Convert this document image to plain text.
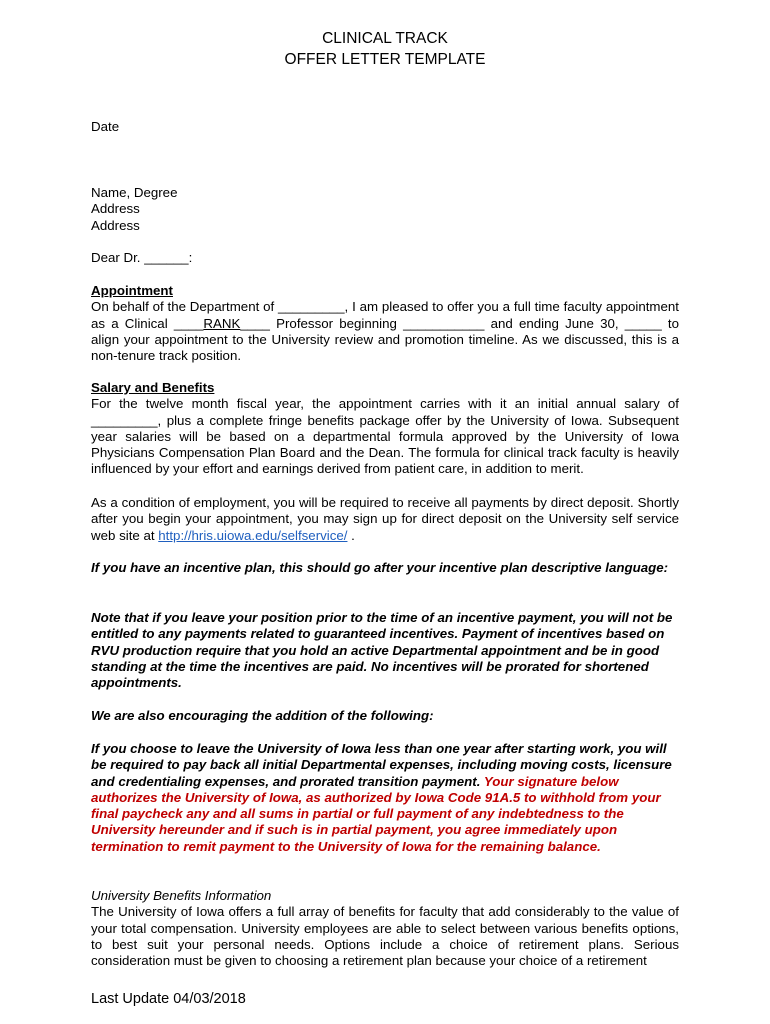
CLINICAL TRACK
OFFER LETTER TEMPLATE
Date
Name, Degree
Address
Address
Dear Dr. ______:
Appointment
On behalf of the Department of _________, I am pleased to offer you a full time faculty appointment as a Clinical ____RANK____ Professor beginning ___________ and ending June 30, _____ to align your appointment to the University review and promotion timeline. As we discussed, this is a non-tenure track position.
Salary and Benefits
For the twelve month fiscal year, the appointment carries with it an initial annual salary of _________, plus a complete fringe benefits package offer by the University of Iowa. Subsequent year salaries will be based on a departmental formula approved by the University of Iowa Physicians Compensation Plan Board and the Dean. The formula for clinical track faculty is heavily influenced by your effort and earnings derived from patient care, in addition to merit.
As a condition of employment, you will be required to receive all payments by direct deposit. Shortly after you begin your appointment, you may sign up for direct deposit on the University self service web site at http://hris.uiowa.edu/selfservice/ .
If you have an incentive plan, this should go after your incentive plan descriptive language:
Note that if you leave your position prior to the time of an incentive payment, you will not be entitled to any payments related to guaranteed incentives. Payment of incentives based on RVU production require that you hold an active Departmental appointment and be in good standing at the time the incentives are paid. No incentives will be prorated for shortened appointments.
We are also encouraging the addition of the following:
If you choose to leave the University of Iowa less than one year after starting work, you will be required to pay back all initial Departmental expenses, including moving costs, licensure and credentialing expenses, and prorated transition payment. Your signature below authorizes the University of Iowa, as authorized by Iowa Code 91A.5 to withhold from your final paycheck any and all sums in partial or full payment of any indebtedness to the University hereunder and if such is in partial payment, you agree immediately upon termination to remit payment to the University of Iowa for the remaining balance.
University Benefits Information
The University of Iowa offers a full array of benefits for faculty that add considerably to the value of your total compensation. University employees are able to select between various benefits options, to best suit your personal needs. Options include a choice of retirement plans. Serious consideration must be given to choosing a retirement plan because your choice of a retirement
Last Update 04/03/2018
